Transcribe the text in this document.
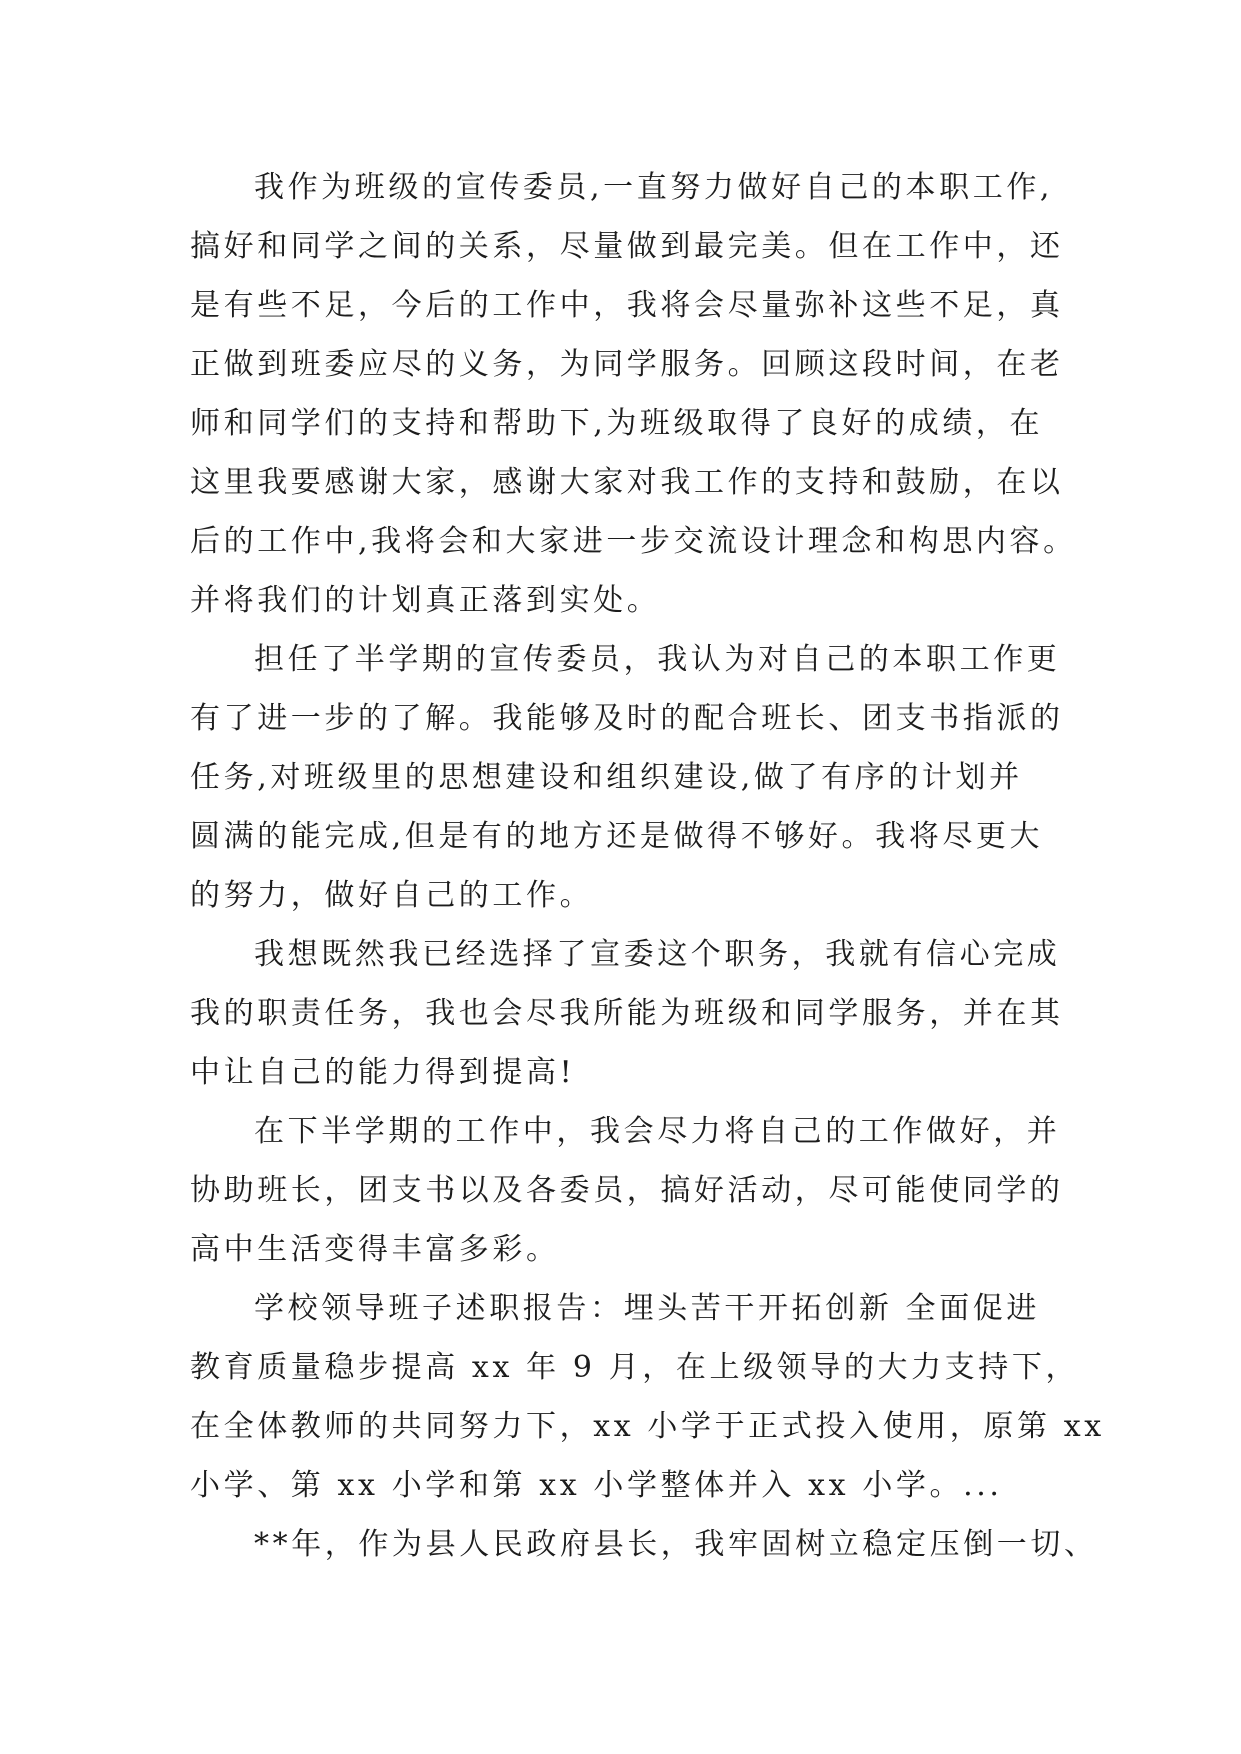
我作为班级的宣传委员,一直努力做好自己的本职工作,
搞好和同学之间的关系，尽量做到最完美。但在工作中，还
是有些不足，今后的工作中，我将会尽量弥补这些不足，真
正做到班委应尽的义务，为同学服务。回顾这段时间，在老
师和同学们的支持和帮助下,为班级取得了良好的成绩，在
这里我要感谢大家，感谢大家对我工作的支持和鼓励，在以
后的工作中,我将会和大家进一步交流设计理念和构思内容。
并将我们的计划真正落到实处。

担任了半学期的宣传委员，我认为对自己的本职工作更
有了进一步的了解。我能够及时的配合班长、团支书指派的
任务,对班级里的思想建设和组织建设,做了有序的计划并
圆满的能完成,但是有的地方还是做得不够好。我将尽更大
的努力，做好自己的工作。

我想既然我已经选择了宣委这个职务，我就有信心完成
我的职责任务，我也会尽我所能为班级和同学服务，并在其
中让自己的能力得到提高!

在下半学期的工作中，我会尽力将自己的工作做好，并
协助班长，团支书以及各委员，搞好活动，尽可能使同学的
高中生活变得丰富多彩。

学校领导班子述职报告：埋头苦干开拓创新 全面促进
教育质量稳步提高 xx 年 9 月，在上级领导的大力支持下，
在全体教师的共同努力下，xx 小学于正式投入使用，原第 xx
小学、第 xx 小学和第 xx 小学整体并入 xx 小学。...

**年，作为县人民政府县长，我牢固树立稳定压倒一切、
